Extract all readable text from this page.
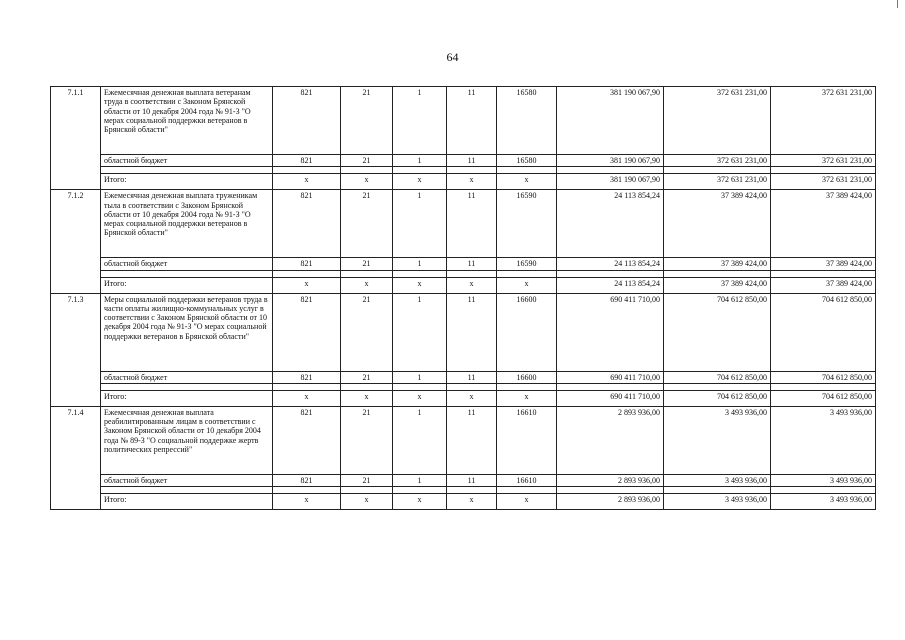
64
7.1.1	Ежемесячная денежная выплата ветеранам труда в соответствии с Законом Брянской области от 10 декабря 2004 года № 91-З "О мерах социальной поддержки ветеранов в Брянской области"	821	21	1	11	16580	381 190 067,90	372 631 231,00	372 631 231,00
	областной бюджет	821	21	1	11	16580	381 190 067,90	372 631 231,00	372 631 231,00

	Итого:	х	х	х	х	х	381 190 067,90	372 631 231,00	372 631 231,00
7.1.2	Ежемесячная денежная выплата труженикам тыла в соответствии с Законом Брянской области от 10 декабря 2004 года № 91-З "О мерах социальной поддержки ветеранов в Брянской области"	821	21	1	11	16590	24 113 854,24	37 389 424,00	37 389 424,00
	областной бюджет	821	21	1	11	16590	24 113 854,24	37 389 424,00	37 389 424,00

	Итого:	х	х	х	х	х	24 113 854,24	37 389 424,00	37 389 424,00
7.1.3	Меры социальной поддержки ветеранов труда в части оплаты жилищно-коммунальных услуг в соответствии с Законом Брянской области от 10 декабря 2004 года № 91-З "О мерах социальной поддержки ветеранов в Брянской области"	821	21	1	11	16600	690 411 710,00	704 612 850,00	704 612 850,00
	областной бюджет	821	21	1	11	16600	690 411 710,00	704 612 850,00	704 612 850,00

	Итого:	х	х	х	х	х	690 411 710,00	704 612 850,00	704 612 850,00
7.1.4	Ежемесячная денежная выплата реабилитированным лицам в соответствии с Законом Брянской области от 10 декабря 2004 года № 89-З "О социальной поддержке жертв политических репрессий"	821	21	1	11	16610	2 893 936,00	3 493 936,00	3 493 936,00
	областной бюджет	821	21	1	11	16610	2 893 936,00	3 493 936,00	3 493 936,00

	Итого:	х	х	х	х	х	2 893 936,00	3 493 936,00	3 493 936,00
